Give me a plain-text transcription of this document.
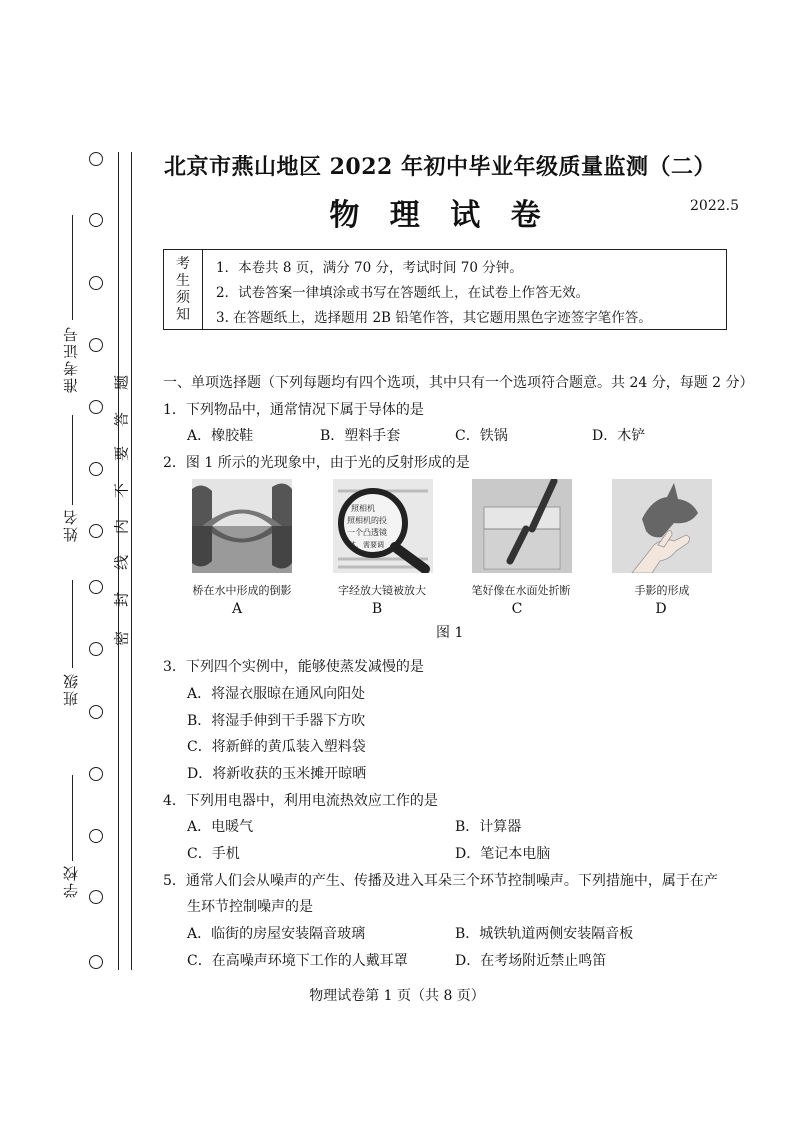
准考证号
姓名
班级
学校
密
封
线
内
不
要
答
题
北京市燕山地区 2022 年初中毕业年级质量监测（二）
物 理 试 卷	2022.5
考
生
须
知
1．本卷共 8 页，满分 70 分，考试时间 70 分钟。
2．试卷答案一律填涂或书写在答题纸上，在试卷上作答无效。
3. 在答题纸上，选择题用 2B 铅笔作答，其它题用黑色字迹签字笔作答。
一、单项选择题（下列每题均有四个选项，其中只有一个选项符合题意。共 24 分，每题 2 分）
1．下列物品中，通常情况下属于导体的是
A．橡胶鞋	B．塑料手套	C．铁锅	D．木铲
2．图 1 所示的光现象中，由于光的反射形成的是
照相机
照相机的投
一个凸透镜
体，需要调
桥在水中形成的倒影	字经放大镜被放大	笔好像在水面处折断	手影的形成
A	B	C	D
图 1
3．下列四个实例中，能够使蒸发减慢的是
A．将湿衣服晾在通风向阳处
B．将湿手伸到干手器下方吹
C．将新鲜的黄瓜装入塑料袋
D．将新收获的玉米摊开晾晒
4．下列用电器中，利用电流热效应工作的是
A．电暖气	B．计算器
C．手机	D．笔记本电脑
5．通常人们会从噪声的产生、传播及进入耳朵三个环节控制噪声。下列措施中，属于在产
生环节控制噪声的是
A．临街的房屋安装隔音玻璃	B．城铁轨道两侧安装隔音板
C．在高噪声环境下工作的人戴耳罩	D．在考场附近禁止鸣笛
物理试卷第 1 页（共 8 页）
